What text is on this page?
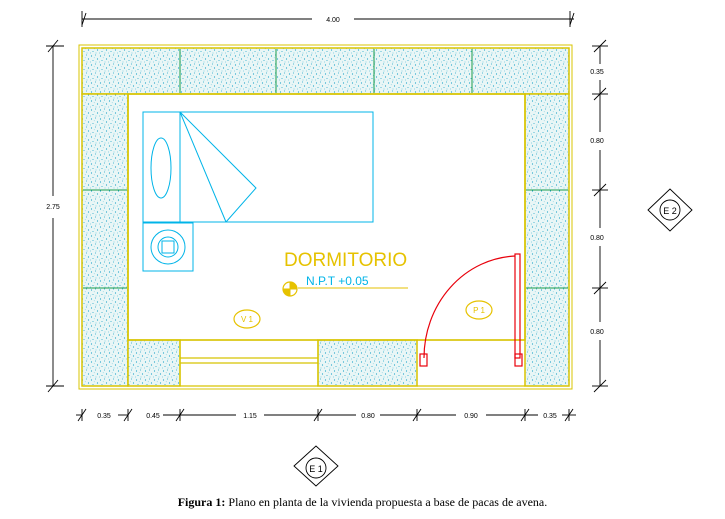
DORMITORIO
N.P.T +0.05
V 1
P 1
4.00
2.75
0.35
0.80
0.80
0.80
0.35	0.45	1.15	0.80	0.90	0.35
E 2
E 1
Figura 1: Plano en planta de la vivienda propuesta a base de pacas de avena.
